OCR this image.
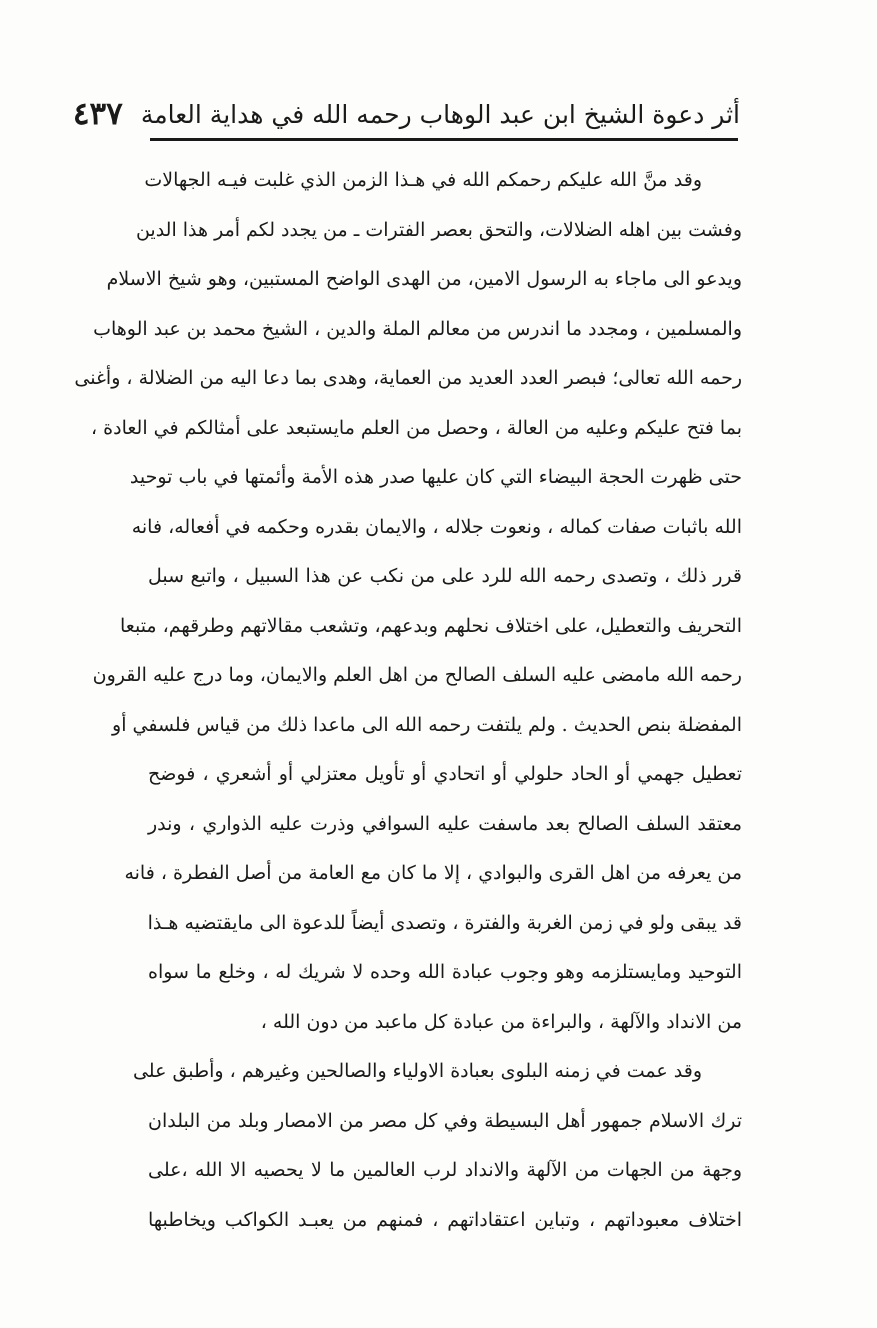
أثر دعوة الشيخ ابن عبد الوهاب رحمه الله في هداية العامة
٤٣٧
وقد منَّ الله عليكم رحمكم الله في هـذا الزمن الذي غلبت فيـه الجهالات
وفشت بين اهله الضلالات، والتحق بعصر الفترات ـ من يجدد لكم أمر هذا الدين
ويدعو الى ماجاء به الرسول الامين، من الهدى الواضح المستبين، وهو شيخ الاسلام
والمسلمين ، ومجدد ما اندرس من معالم الملة والدين ، الشيخ محمد بن عبد الوهاب
رحمه الله تعالى؛ فبصر العدد العديد من العماية، وهدى بما دعا اليه من الضلالة ، وأغنى
بما فتح عليكم وعليه من العالة ، وحصل من العلم مايستبعد على أمثالكم في العادة ،
حتى ظهرت الحجة البيضاء التي كان عليها صدر هذه الأمة وأئمتها في باب توحيد
الله باثبات صفات كماله ، ونعوت جلاله ، والايمان بقدره وحكمه في أفعاله، فانه
قرر ذلك ، وتصدى رحمه الله للرد على من نكب عن هذا السبيل ، واتبع سبل
التحريف والتعطيل، على اختلاف نحلهم وبدعهم، وتشعب مقالاتهم وطرقهم، متبعا
رحمه الله مامضى عليه السلف الصالح من اهل العلم والايمان، وما درج عليه القرون
المفضلة بنص الحديث . ولم يلتفت رحمه الله الى ماعدا ذلك من قياس فلسفي أو
تعطيل جهمي أو الحاد حلولي أو اتحادي أو تأويل معتزلي أو أشعري ، فوضح
معتقد السلف الصالح بعد ماسفت عليه السوافي وذرت عليه الذواري ، وندر
من يعرفه من اهل القرى والبوادي ، إلا ما كان مع العامة من أصل الفطرة ، فانه
قد يبقى ولو في زمن الغربة والفترة ، وتصدى أيضاً للدعوة الى مايقتضيه هـذا
التوحيد ومايستلزمه وهو وجوب عبادة الله وحده لا شريك له ، وخلع ما سواه
من الانداد والآلهة ، والبراءة من عبادة كل ماعبد من دون الله ،
وقد عمت في زمنه البلوى بعبادة الاولياء والصالحين وغيرهم ، وأطبق على
ترك الاسلام جمهور أهل البسيطة وفي كل مصر من الامصار وبلد من البلدان
وجهة من الجهات من الآلهة والانداد لرب العالمين ما لا يحصيه الا الله ،على
اختلاف معبوداتهم ، وتباين اعتقاداتهم ، فمنهم من يعبـد الكواكب ويخاطبها
